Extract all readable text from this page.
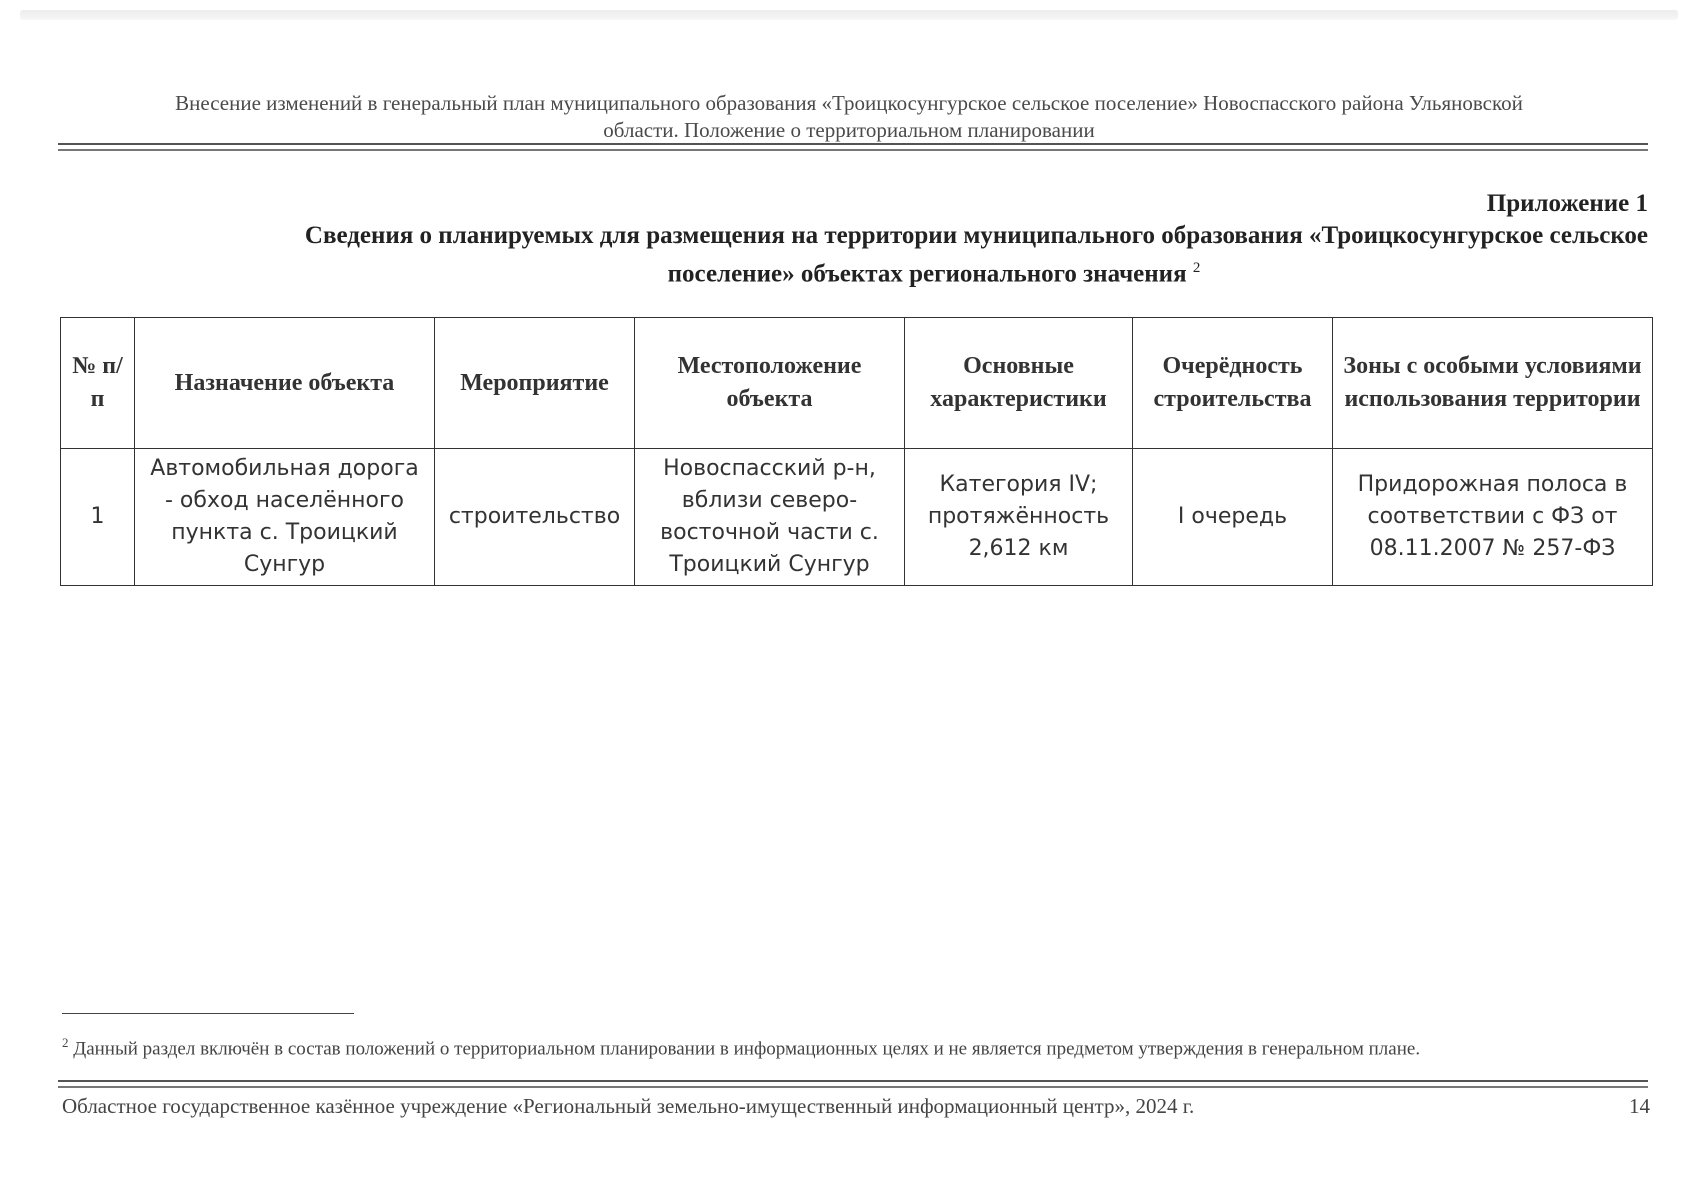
Внесение изменений в генеральный план муниципального образования «Троицкосунгурское сельское поселение» Новоспасского района Ульяновской
области. Положение о территориальном планировании
Приложение 1
Сведения о планируемых для размещения на территории муниципального образования «Троицкосунгурское сельское
поселение» объектах регионального значения $^2$
№ п/п	Назначение объекта	Мероприятие	Местоположение объекта	Основные характеристики	Очерёдность строительства	Зоны с особыми условиями использования территории
1	Автомобильная дорога - обход населённого пункта с. Троицкий Сунгур	строительство	Новоспасский р-н, вблизи северо-восточной части с. Троицкий Сунгур	Категория IV; протяжённость 2,612 км	I очередь	Придорожная полоса в соответствии с ФЗ от 08.11.2007 № 257-ФЗ
$^2$ Данный раздел включён в состав положений о территориальном планировании в информационных целях и не является предметом утверждения в генеральном плане.
Областное государственное казённое учреждение «Региональный земельно-имущественный информационный центр», 2024 г.	14
